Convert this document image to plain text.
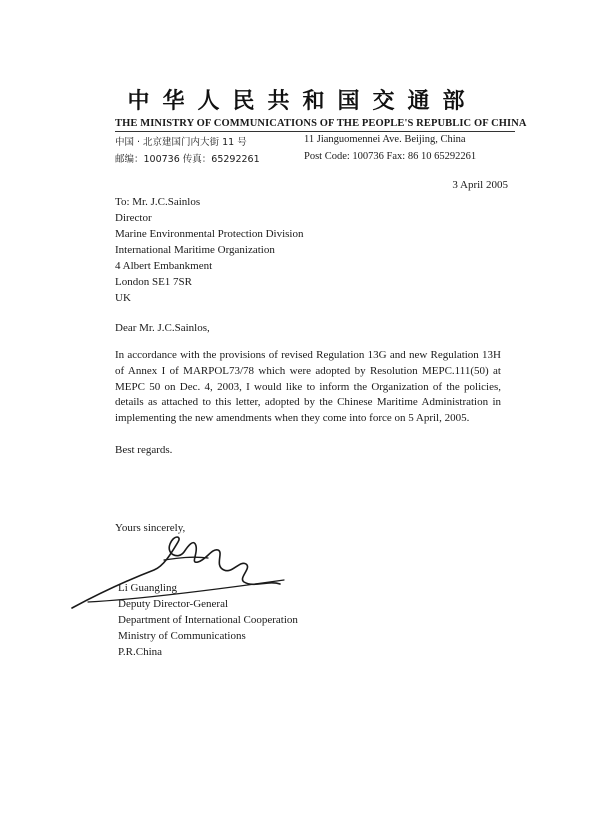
中华人民共和国交通部
THE MINISTRY OF COMMUNICATIONS OF THE PEOPLE'S REPUBLIC OF CHINA
中国 · 北京建国门内大街 11 号	11 Jianguomennei Ave. Beijing, China
邮编：100736 传真：65292261	Post Code: 100736 Fax: 86 10 65292261
3 April 2005
To: Mr. J.C.Sainlos
Director
Marine Environmental Protection Division
International Maritime Organization
4 Albert Embankment
London SE1 7SR
UK
Dear Mr. J.C.Sainlos,
In accordance with the provisions of revised Regulation 13G and new Regulation 13H of Annex I of MARPOL73/78 which were adopted by Resolution MEPC.111(50) at MEPC 50 on Dec. 4, 2003, I would like to inform the Organization of the policies, details as attached to this letter, adopted by the Chinese Maritime Administration in implementing the new amendments when they come into force on 5 April, 2005.
Best regards.
Yours sincerely,
Li Guangling
Deputy Director-General
Department of International Cooperation
Ministry of Communications
P.R.China
